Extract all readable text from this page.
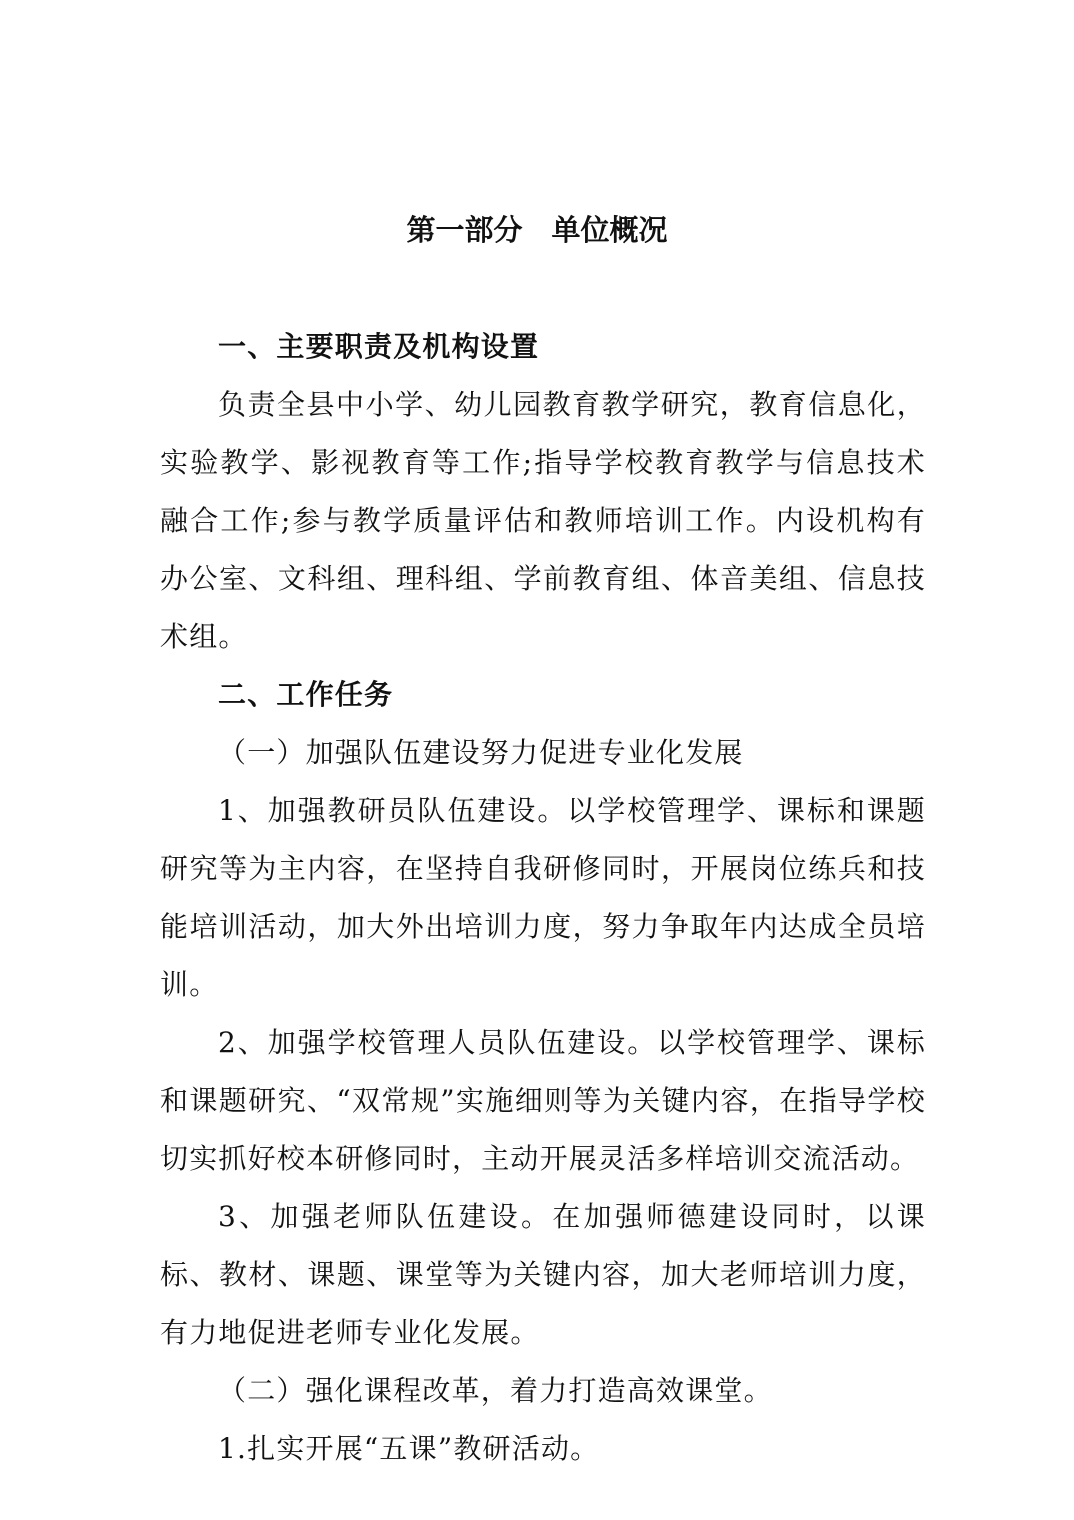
第一部分　单位概况

一、主要职责及机构设置

负责全县中小学、幼儿园教育教学研究，教育信息化，实验教学、影视教育等工作;指导学校教育教学与信息技术融合工作;参与教学质量评估和教师培训工作。内设机构有办公室、文科组、理科组、学前教育组、体音美组、信息技术组。

二、工作任务

（一）加强队伍建设努力促进专业化发展

1、加强教研员队伍建设。以学校管理学、课标和课题研究等为主内容，在坚持自我研修同时，开展岗位练兵和技能培训活动，加大外出培训力度，努力争取年内达成全员培训。

2、加强学校管理人员队伍建设。以学校管理学、课标和课题研究、“双常规”实施细则等为关键内容，在指导学校切实抓好校本研修同时，主动开展灵活多样培训交流活动。

3、加强老师队伍建设。在加强师德建设同时，以课标、教材、课题、课堂等为关键内容，加大老师培训力度，有力地促进老师专业化发展。

（二）强化课程改革，着力打造高效课堂。

1.扎实开展“五课”教研活动。
